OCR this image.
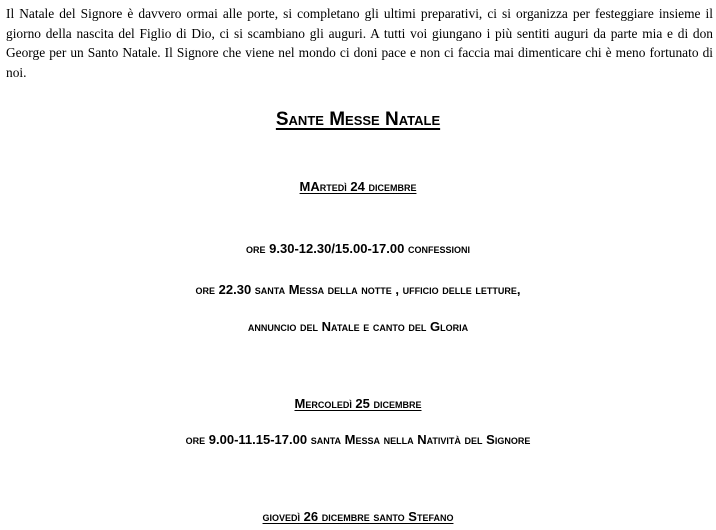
Il Natale del Signore è davvero ormai alle porte, si completano gli ultimi preparativi, ci si organizza per festeggiare insieme il giorno della nascita del Figlio di Dio, ci si scambiano gli auguri. A tutti voi giungano i più sentiti auguri da parte mia e di don George per un Santo Natale. Il Signore che viene nel mondo ci doni pace e non ci faccia mai dimenticare chi è meno fortunato di noi.

Sante Messe Natale
MArtedì 24 dicembre
ore 9.30-12.30/15.00-17.00 confessioni
ore 22.30 santa Messa della notte , ufficio delle letture,
annuncio del Natale e canto del Gloria
Mercoledì 25 dicembre
ore 9.00-11.15-17.00 santa Messa nella Natività del Signore
giovedì 26 dicembre santo Stefano
